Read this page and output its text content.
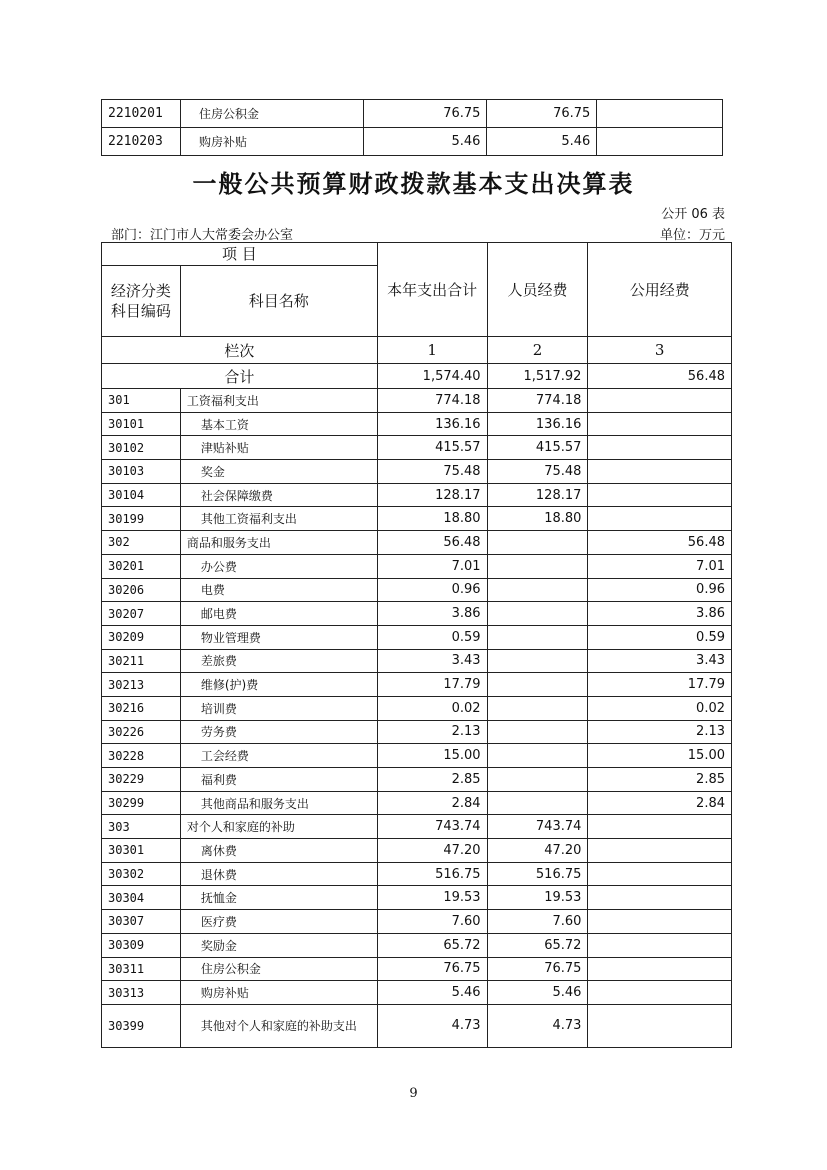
2210201	住房公积金	76.75	76.75	
2210203	购房补贴	5.46	5.46	
一般公共预算财政拨款基本支出决算表
公开 06 表
部门：江门市人大常委会办公室	单位：万元
项 目		本年支出合计	人员经费	公用经费
经济分类科目编码	科目名称			
栏次		1	2	3
合计		1,574.40	1,517.92	56.48
301	工资福利支出	774.18	774.18	
30101	基本工资	136.16	136.16	
30102	津贴补贴	415.57	415.57	
30103	奖金	75.48	75.48	
30104	社会保障缴费	128.17	128.17	
30199	其他工资福利支出	18.80	18.80	
302	商品和服务支出	56.48		56.48
30201	办公费	7.01		7.01
30206	电费	0.96		0.96
30207	邮电费	3.86		3.86
30209	物业管理费	0.59		0.59
30211	差旅费	3.43		3.43
30213	维修(护)费	17.79		17.79
30216	培训费	0.02		0.02
30226	劳务费	2.13		2.13
30228	工会经费	15.00		15.00
30229	福利费	2.85		2.85
30299	其他商品和服务支出	2.84		2.84
303	对个人和家庭的补助	743.74	743.74	
30301	离休费	47.20	47.20	
30302	退休费	516.75	516.75	
30304	抚恤金	19.53	19.53	
30307	医疗费	7.60	7.60	
30309	奖励金	65.72	65.72	
30311	住房公积金	76.75	76.75	
30313	购房补贴	5.46	5.46	
30399	其他对个人和家庭的补助支出	4.73	4.73	
9
